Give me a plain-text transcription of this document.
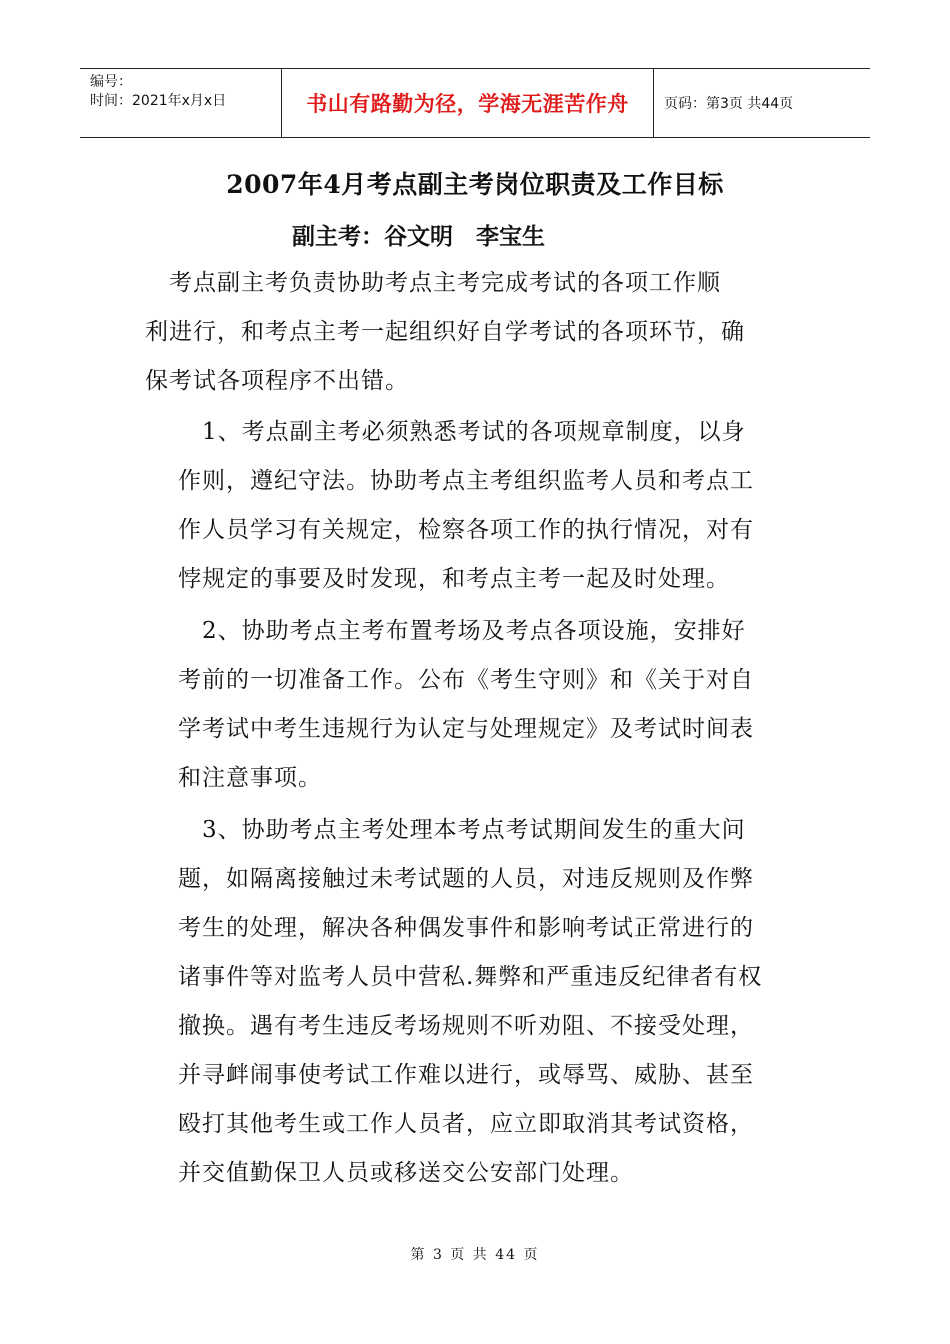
编号：
时间：2021年x月x日	书山有路勤为径，学海无涯苦作舟	页码：第3页 共44页
2007年4月考点副主考岗位职责及工作目标
副主考：谷文明　李宝生
　考点副主考负责协助考点主考完成考试的各项工作顺
利进行，和考点主考一起组织好自学考试的各项环节，确
保考试各项程序不出错。
　1、考点副主考必须熟悉考试的各项规章制度，以身
作则，遵纪守法。协助考点主考组织监考人员和考点工
作人员学习有关规定，检察各项工作的执行情况，对有
悖规定的事要及时发现，和考点主考一起及时处理。
　2、协助考点主考布置考场及考点各项设施，安排好
考前的一切准备工作。公布《考生守则》和《关于对自
学考试中考生违规行为认定与处理规定》及考试时间表
和注意事项。
　3、协助考点主考处理本考点考试期间发生的重大问
题，如隔离接触过未考试题的人员，对违反规则及作弊
考生的处理，解决各种偶发事件和影响考试正常进行的
诸事件等对监考人员中营私.舞弊和严重违反纪律者有权
撤换。遇有考生违反考场规则不听劝阻、不接受处理，
并寻衅闹事使考试工作难以进行，或辱骂、威胁、甚至
殴打其他考生或工作人员者，应立即取消其考试资格，
并交值勤保卫人员或移送交公安部门处理。
第 3 页 共 44 页
